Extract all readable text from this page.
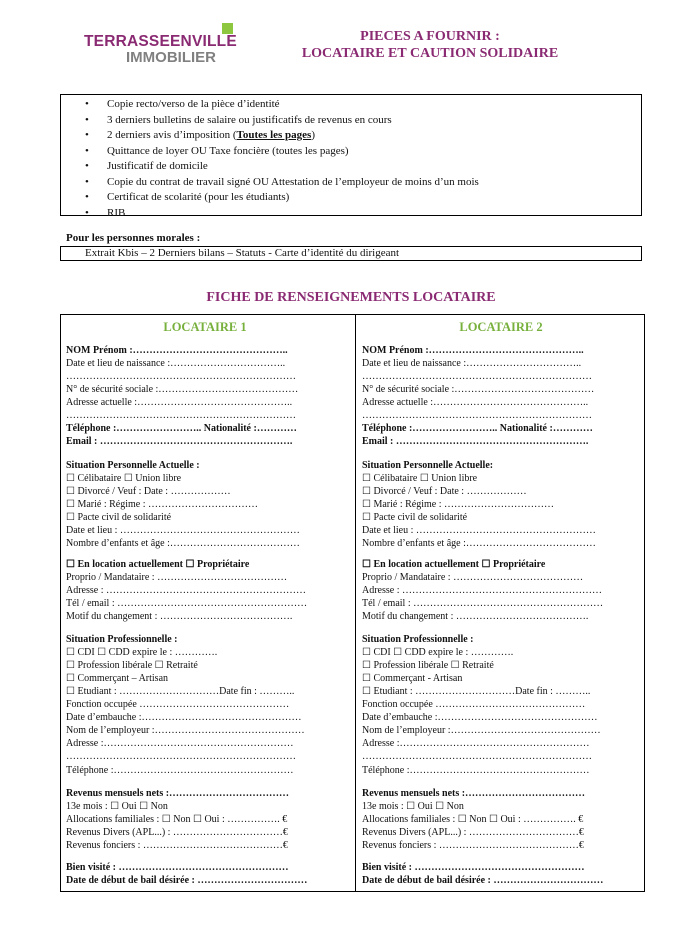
TERRASSEENVILLE
IMMOBILIER
PIECES A FOURNIR :
LOCATAIRE ET CAUTION SOLIDAIRE
• Copie recto/verso de la pièce d’identité
• 3 derniers bulletins de salaire ou justificatifs de revenus en cours
• 2 derniers avis d’imposition (Toutes les pages)
• Quittance de loyer OU Taxe foncière (toutes les pages)
• Justificatif de domicile
• Copie du contrat de travail signé OU Attestation de l’employeur de moins d’un mois
• Certificat de scolarité (pour les étudiants)
• RIB
Pour les personnes morales :
Extrait Kbis – 2 Derniers bilans – Statuts - Carte d’identité du dirigeant
FICHE DE RENSEIGNEMENTS LOCATAIRE
LOCATAIRE 1
NOM Prénom :………………………………………..
Date et lieu de naissance :……………………………..
……………………………………………………………
N° de sécurité sociale :……………………………………
Adresse actuelle :………………………………………..
……………………………………………………………
Téléphone :…………………….. Nationalité :…………
Email : ………………………………………………….
Situation Personnelle Actuelle :
☐ Célibataire ☐ Union libre
☐ Divorcé / Veuf : Date : ………………
☐ Marié : Régime : ……………………………
☐ Pacte civil de solidarité
Date et lieu : ………………………………………………
Nombre d’enfants et âge :…………………………………
☐ En location actuellement ☐ Propriétaire
Proprio / Mandataire : …………………………………
Adresse : ……………………………………………………
Tél / email : …………………………………………………
Motif du changement : ………………………………….
Situation Professionnelle :
☐ CDI ☐ CDD expire le : ………….
☐ Profession libérale ☐ Retraité
☐ Commerçant – Artisan
☐ Etudiant : …………………………Date fin : ………..
Fonction occupée ………………………………………
Date d’embauche :…………………………………………
Nom de l’employeur :………………………………………
Adresse :…………………………………………………
……………………………………………………………
Téléphone :………………………………………………
Revenus mensuels nets :………………………………
13e mois : ☐ Oui ☐ Non
Allocations familiales : ☐ Non ☐ Oui : ……………. €
Revenus Divers (APL...) : ……………………………€
Revenus fonciers : ……………………………………€
Bien visité : ……………………………………………
Date de début de bail désirée : ……………………………
LOCATAIRE 2
NOM Prénom :………………………………………..
Date et lieu de naissance :……………………………..
……………………………………………………………
N° de sécurité sociale :……………………………………
Adresse actuelle :………………………………………..
……………………………………………………………
Téléphone :…………………….. Nationalité :…………
Email : ………………………………………………….
Situation Personnelle Actuelle:
☐ Célibataire ☐ Union libre
☐ Divorcé / Veuf : Date : ………………
☐ Marié : Régime : ……………………………
☐ Pacte civil de solidarité
Date et lieu : ………………………………………………
Nombre d’enfants et âge :…………………………………
☐ En location actuellement ☐ Propriétaire
Proprio / Mandataire : …………………………………
Adresse : ……………………………………………………
Tél / email : …………………………………………………
Motif du changement : ………………………………….
Situation Professionnelle :
☐ CDI ☐ CDD expire le : ………….
☐ Profession libérale ☐ Retraité
☐ Commerçant - Artisan
☐ Etudiant : …………………………Date fin : ………..
Fonction occupée ………………………………………
Date d’embauche :…………………………………………
Nom de l’employeur :………………………………………
Adresse :…………………………………………………
……………………………………………………………
Téléphone :………………………………………………
Revenus mensuels nets :………………………………
13e mois : ☐ Oui ☐ Non
Allocations familiales : ☐ Non ☐ Oui : ……………. €
Revenus Divers (APL...) : ……………………………€
Revenus fonciers : ……………………………………€
Bien visité : ……………………………………………
Date de début de bail désirée : ……………………………
